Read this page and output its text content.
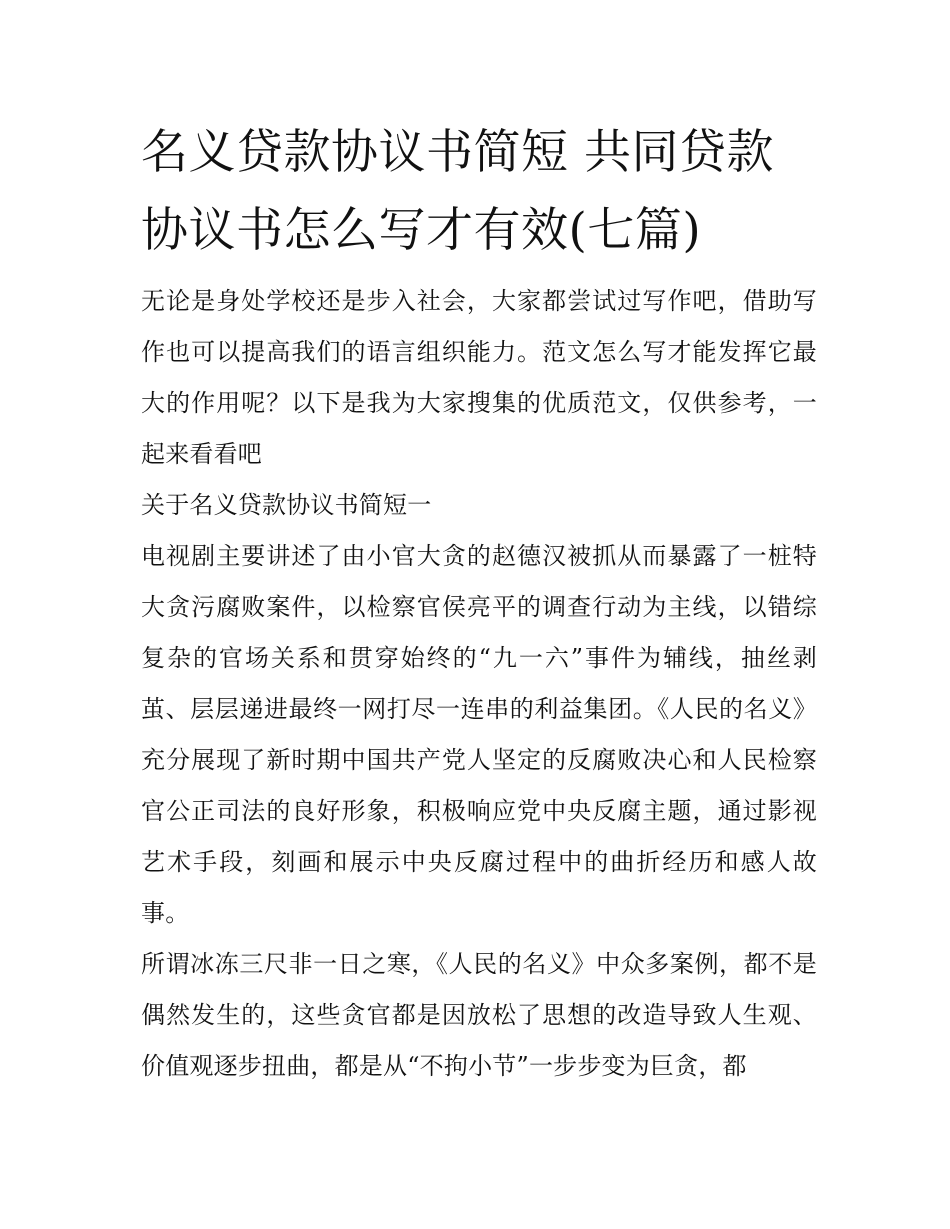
名义贷款协议书简短 共同贷款协议书怎么写才有效(七篇)

无论是身处学校还是步入社会，大家都尝试过写作吧，借助写作也可以提高我们的语言组织能力。范文怎么写才能发挥它最大的作用呢？以下是我为大家搜集的优质范文，仅供参考，一起来看看吧

关于名义贷款协议书简短一

电视剧主要讲述了由小官大贪的赵德汉被抓从而暴露了一桩特大贪污腐败案件，以检察官侯亮平的调查行动为主线，以错综复杂的官场关系和贯穿始终的“九一六”事件为辅线，抽丝剥茧、层层递进最终一网打尽一连串的利益集团。《人民的名义》充分展现了新时期中国共产党人坚定的反腐败决心和人民检察官公正司法的良好形象，积极响应党中央反腐主题，通过影视艺术手段，刻画和展示中央反腐过程中的曲折经历和感人故事。

所谓冰冻三尺非一日之寒，《人民的名义》中众多案例，都不是偶然发生的，这些贪官都是因放松了思想的改造导致人生观、价值观逐步扭曲，都是从“不拘小节”一步步变为巨贪，都
